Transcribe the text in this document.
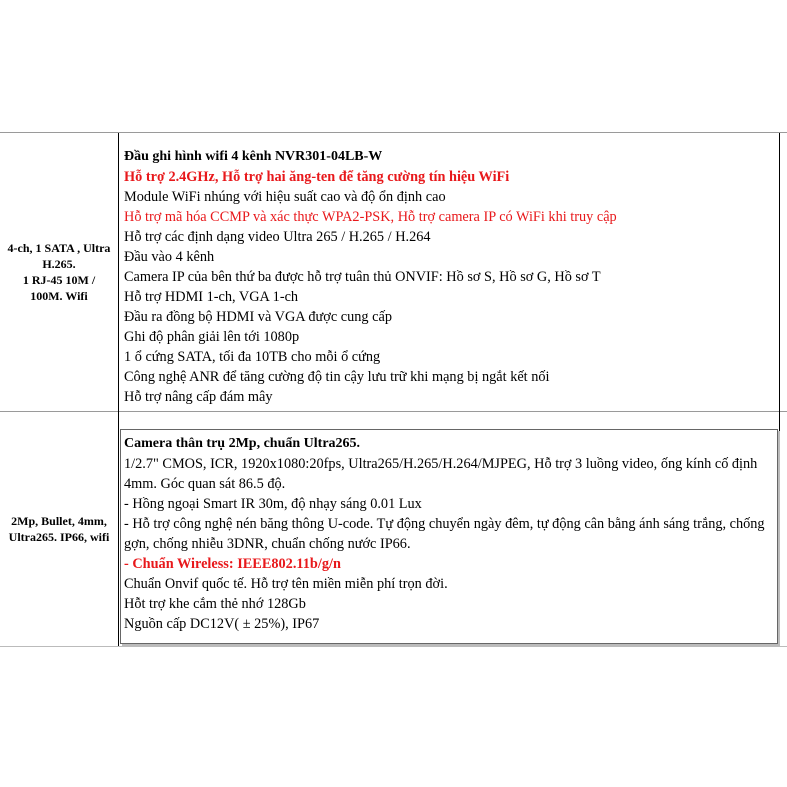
4-ch, 1 SATA , Ultra
H.265.
1 RJ-45 10M /
100M. Wifi
Đầu ghi hình wifi 4 kênh NVR301-04LB-W
Hỗ trợ 2.4GHz, Hỗ trợ hai ăng-ten để tăng cường tín hiệu WiFi
Module WiFi nhúng với hiệu suất cao và độ ổn định cao
Hỗ trợ mã hóa CCMP và xác thực WPA2-PSK, Hỗ trợ camera IP có WiFi khi truy cập
Hỗ trợ các định dạng video Ultra 265 / H.265 / H.264
Đầu vào 4 kênh
Camera IP của bên thứ ba được hỗ trợ tuân thủ ONVIF: Hồ sơ S, Hồ sơ G, Hồ sơ T
Hỗ trợ HDMI 1-ch, VGA 1-ch
Đầu ra đồng bộ HDMI và VGA được cung cấp
Ghi độ phân giải lên tới 1080p
1 ổ cứng SATA, tối đa 10TB cho mỗi ổ cứng
Công nghệ ANR để tăng cường độ tin cậy lưu trữ khi mạng bị ngắt kết nối
Hỗ trợ nâng cấp đám mây
2Mp, Bullet, 4mm,
Ultra265. IP66, wifi
Camera thân trụ 2Mp, chuẩn Ultra265.
1/2.7" CMOS, ICR, 1920x1080:20fps, Ultra265/H.265/H.264/MJPEG, Hỗ trợ 3 luồng video, ống kính cố định 4mm. Góc quan sát 86.5 độ.
- Hồng ngoại Smart IR 30m, độ nhạy sáng 0.01 Lux
- Hỗ trợ công nghệ nén băng thông U-code. Tự động chuyển ngày đêm, tự động cân bằng ánh sáng trắng, chống gợn, chống nhiễu 3DNR, chuẩn chống nước IP66.
- Chuẩn Wireless: IEEE802.11b/g/n
Chuẩn Onvif quốc tế. Hỗ trợ tên miền miễn phí trọn đời.
Hỗt trợ khe cắm thẻ nhớ 128Gb
Nguồn cấp DC12V( ± 25%), IP67
